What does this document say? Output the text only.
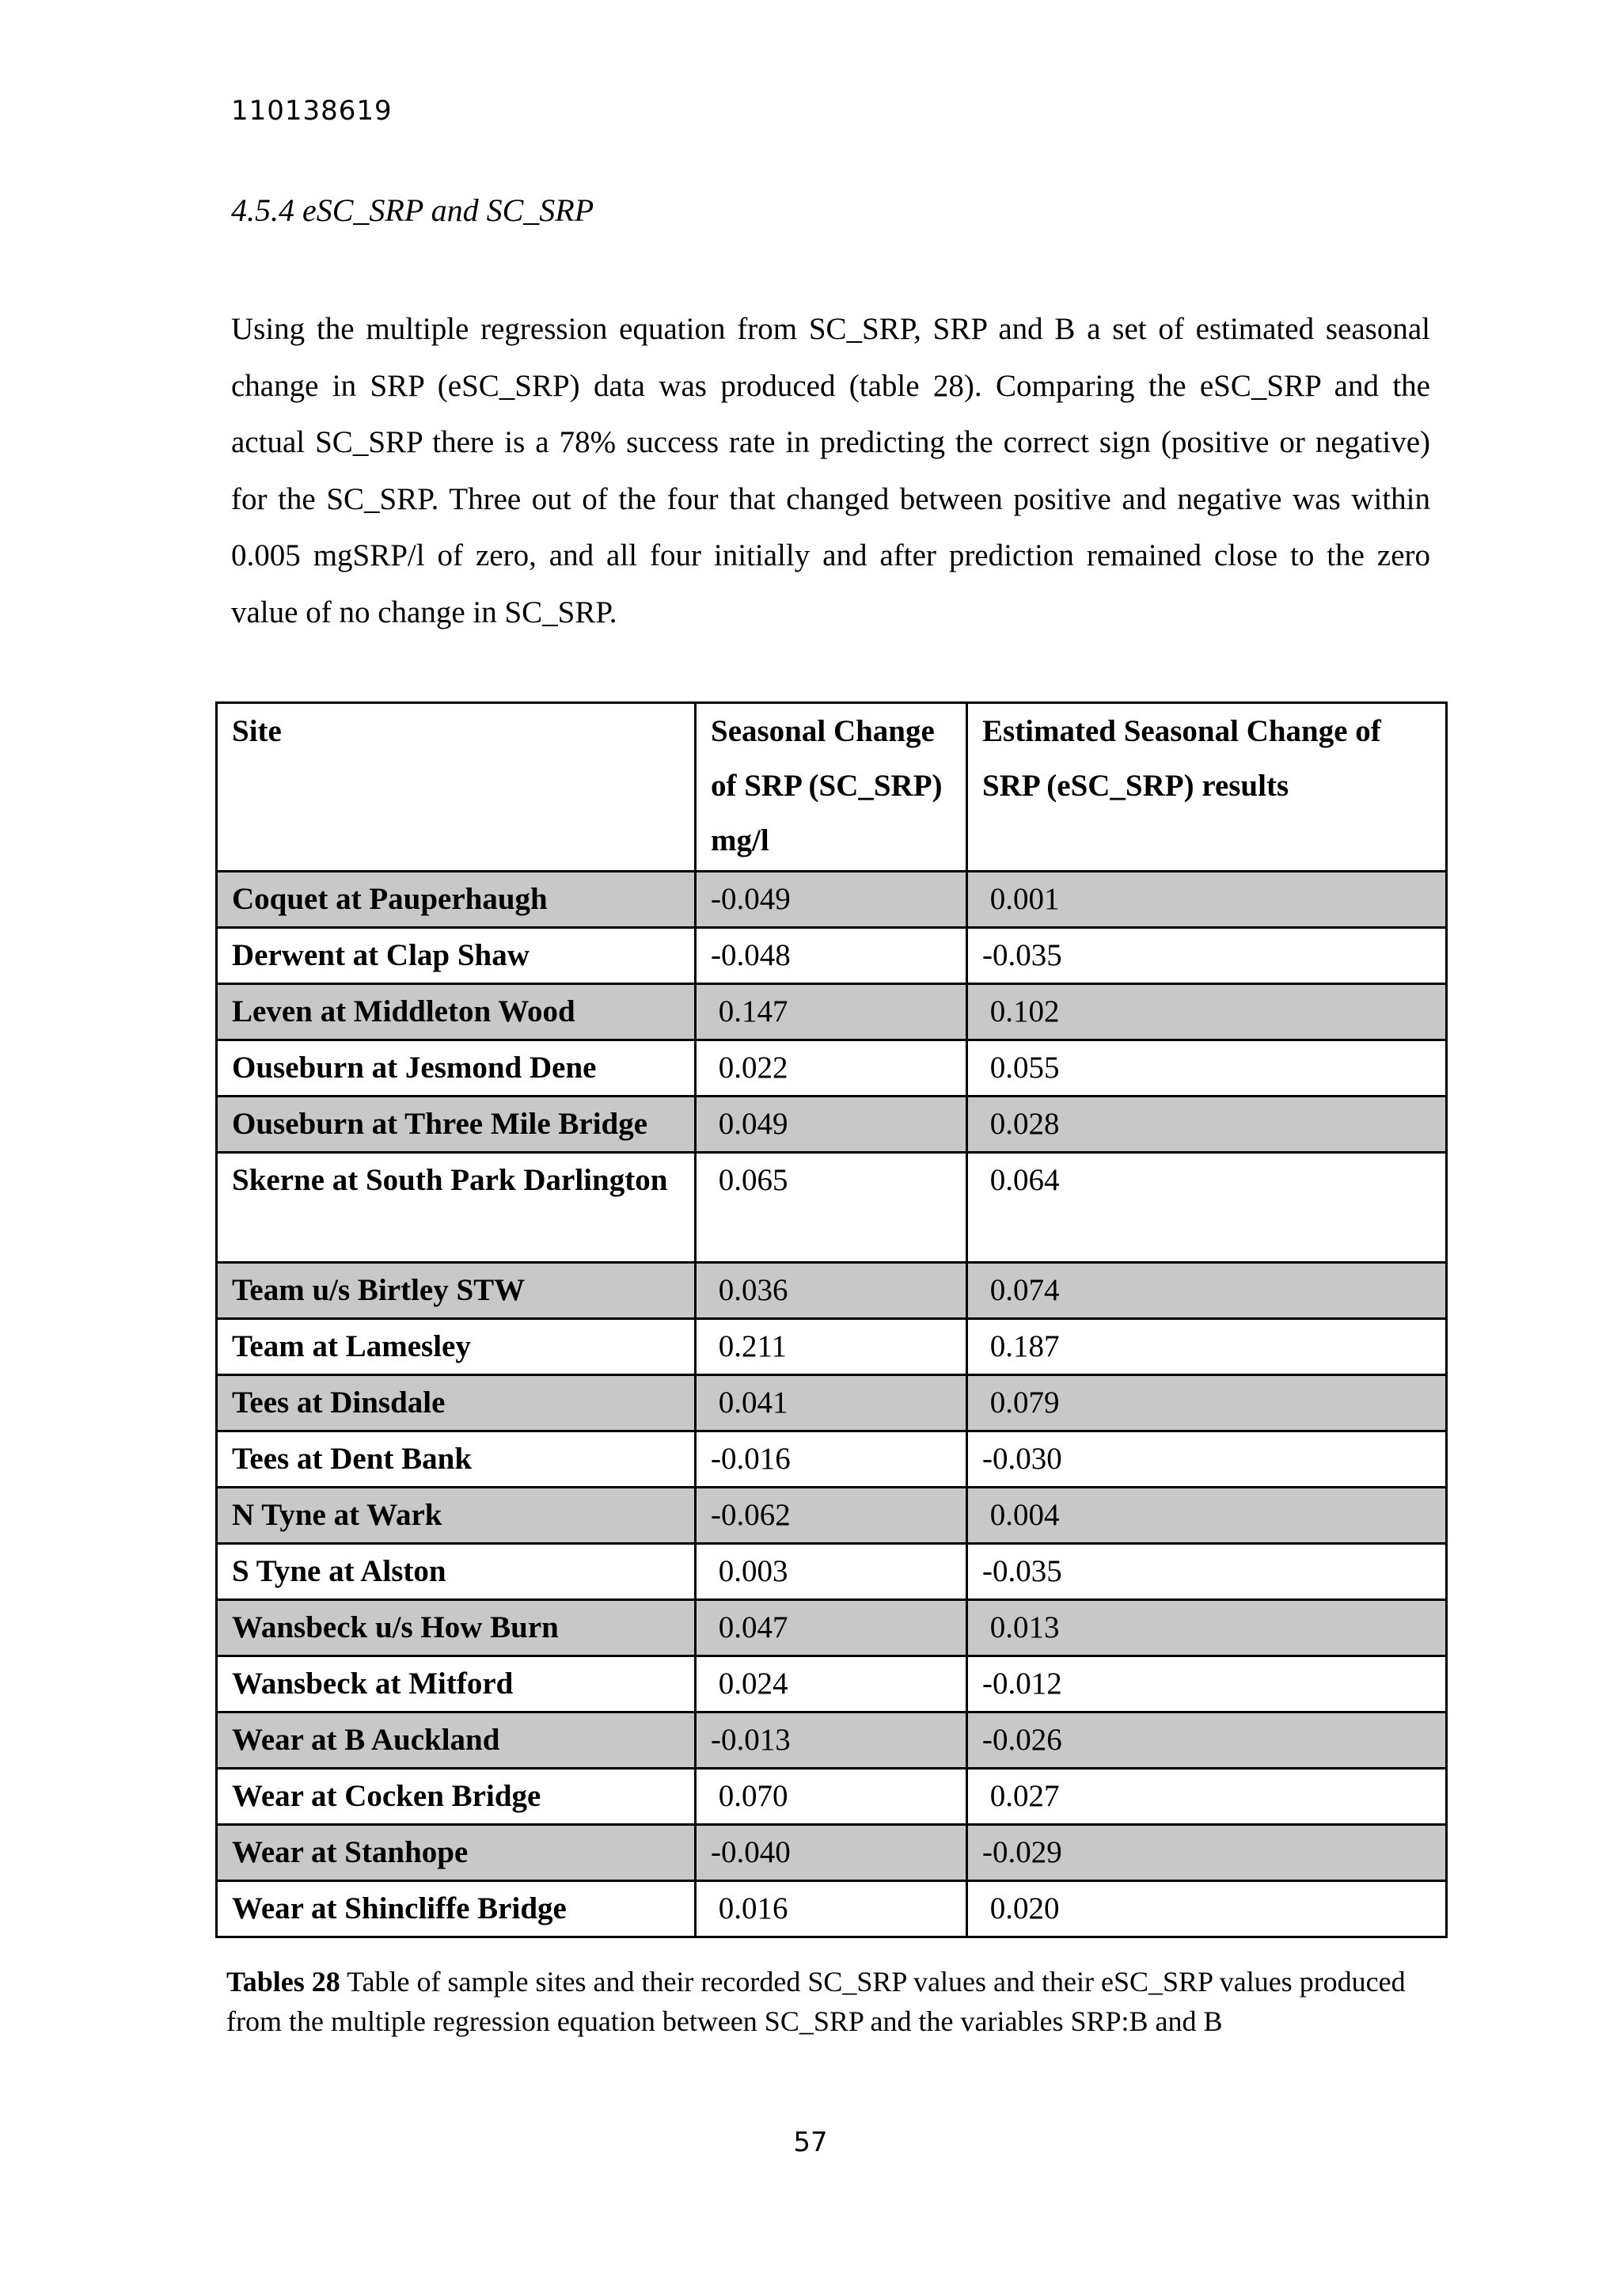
110138619
4.5.4 eSC_SRP and SC_SRP
Using the multiple regression equation from SC_SRP, SRP and B a set of estimated seasonal change in SRP (eSC_SRP) data was produced (table 28). Comparing the eSC_SRP and the actual SC_SRP there is a 78% success rate in predicting the correct sign (positive or negative) for the SC_SRP. Three out of the four that changed between positive and negative was within 0.005 mgSRP/l of zero, and all four initially and after prediction remained close to the zero value of no change in SC_SRP.
Site	Seasonal Change of SRP (SC_SRP) mg/l	Estimated Seasonal Change of SRP (eSC_SRP) results
Coquet at Pauperhaugh	-0.049	0.001
Derwent at Clap Shaw	-0.048	-0.035
Leven at Middleton Wood	0.147	0.102
Ouseburn at Jesmond Dene	0.022	0.055
Ouseburn at Three Mile Bridge	0.049	0.028
Skerne at South Park Darlington	0.065	0.064
Team u/s Birtley STW	0.036	0.074
Team at Lamesley	0.211	0.187
Tees at Dinsdale	0.041	0.079
Tees at Dent Bank	-0.016	-0.030
N Tyne at Wark	-0.062	0.004
S Tyne at Alston	0.003	-0.035
Wansbeck u/s How Burn	0.047	0.013
Wansbeck at Mitford	0.024	-0.012
Wear at B Auckland	-0.013	-0.026
Wear at Cocken Bridge	0.070	0.027
Wear at Stanhope	-0.040	-0.029
Wear at Shincliffe Bridge	0.016	0.020
Tables 28 Table of sample sites and their recorded SC_SRP values and their eSC_SRP values produced from the multiple regression equation between SC_SRP and the variables SRP:B and B
57
